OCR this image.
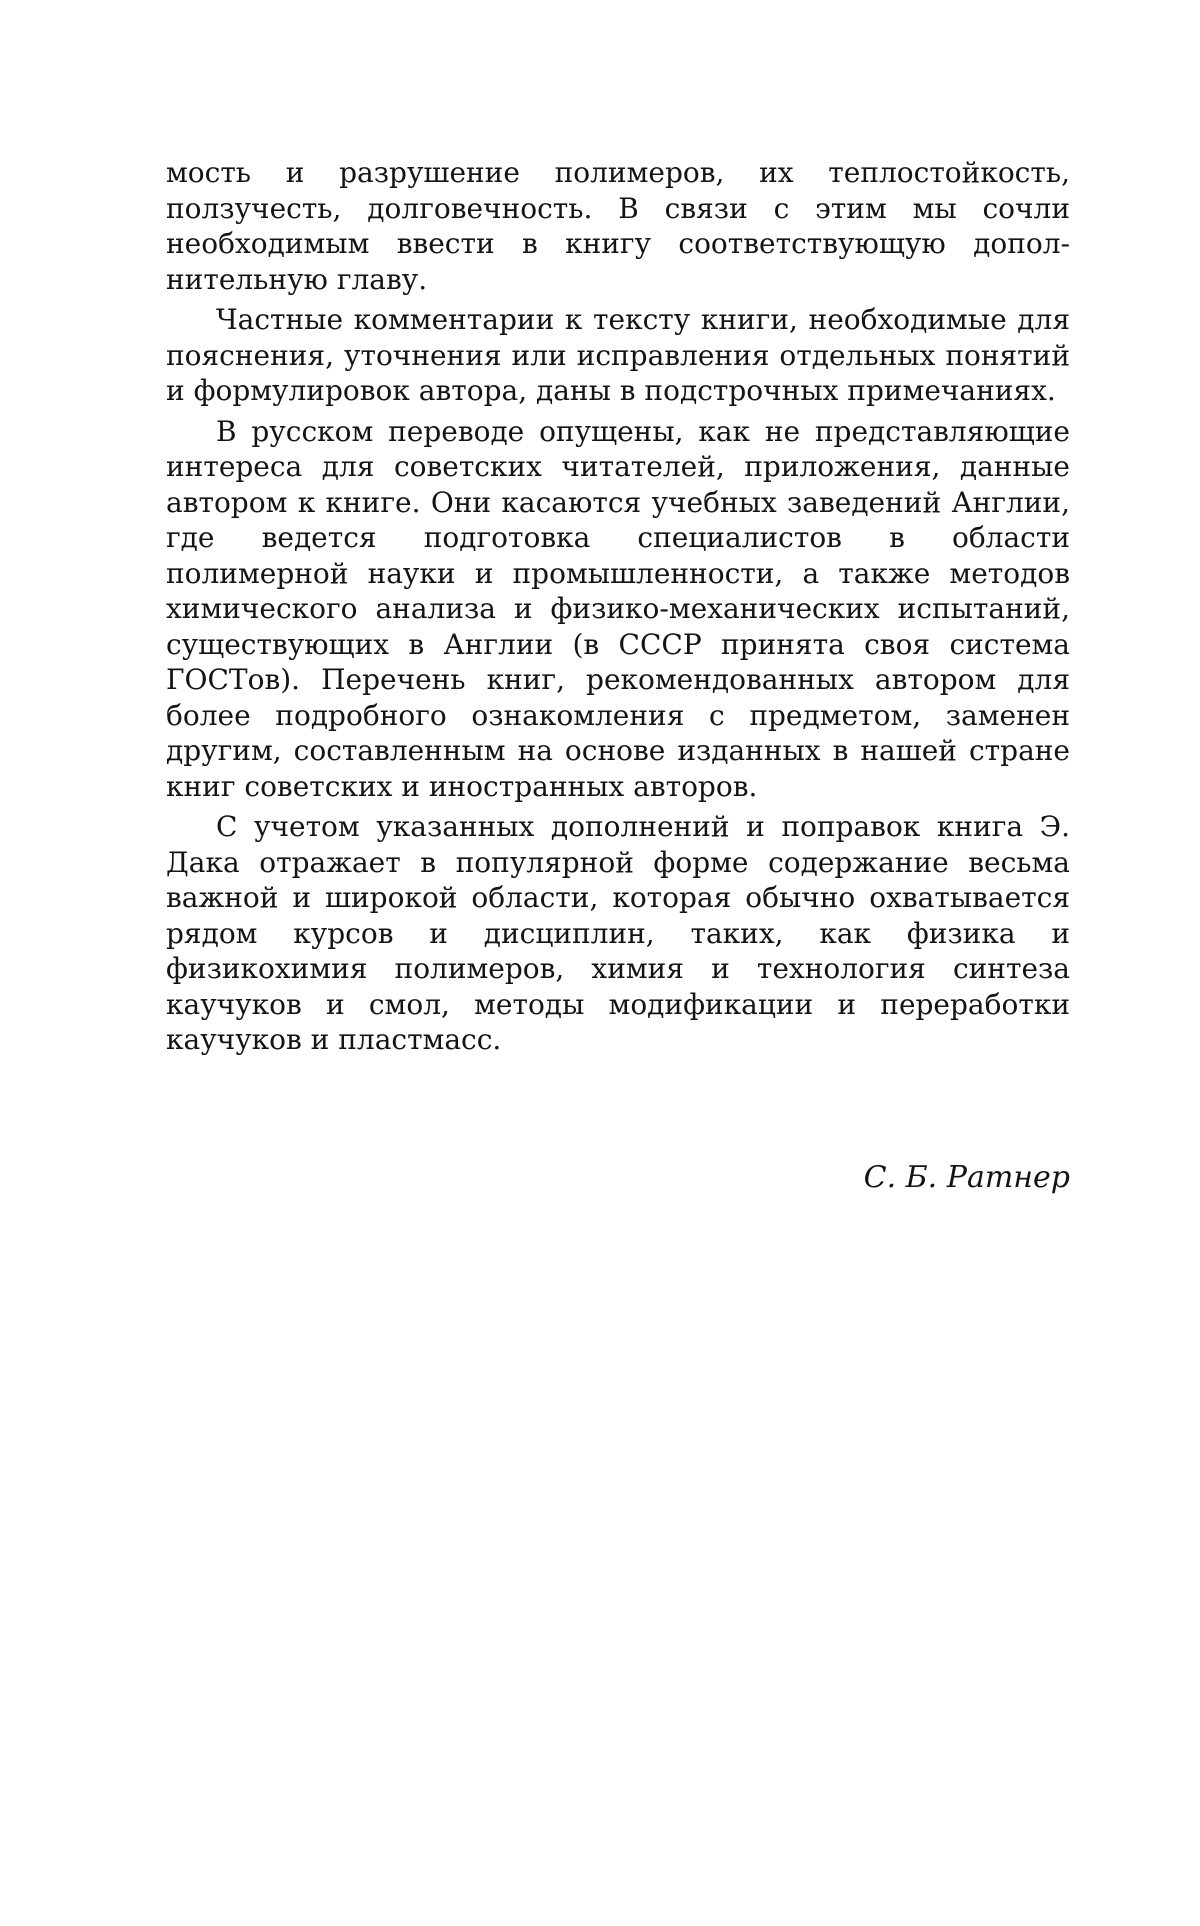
мость и разрушение полимеров, их теплостойкость, ползучесть, долговечность. В связи с этим мы сочли необходимым ввести в книгу соответствующую дополнительную главу.

Частные комментарии к тексту книги, необходимые для пояснения, уточнения или исправления отдельных понятий и формулировок автора, даны в подстрочных примечаниях.

В русском переводе опущены, как не представляющие интереса для советских читателей, приложения, данные автором к книге. Они касаются учебных заведений Англии, где ведется подготовка специалистов в области полимерной науки и промышленности, а также методов химического анализа и физико-механических испытаний, существующих в Англии (в СССР принята своя система ГОСТов). Перечень книг, рекомендованных автором для более подробного ознакомления с предметом, заменен другим, составленным на основе изданных в нашей стране книг советских и иностранных авторов.

С учетом указанных дополнений и поправок книга Э. Дака отражает в популярной форме содержание весьма важной и широкой области, которая обычно охватывается рядом курсов и дисциплин, таких, как физика и физикохимия полимеров, химия и технология синтеза каучуков и смол, методы модификации и переработки каучуков и пластмасс.

С. Б. Ратнер
